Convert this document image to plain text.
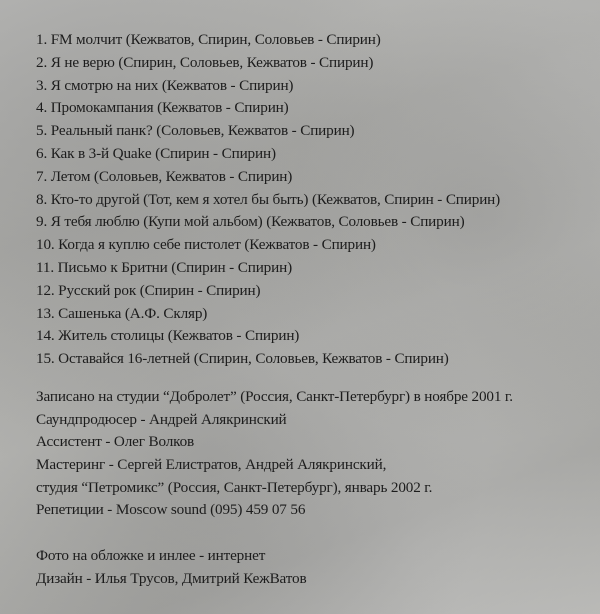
1. FM молчит (Кежватов, Спирин, Соловьев - Спирин)
2. Я не верю (Спирин, Соловьев, Кежватов - Спирин)
3. Я смотрю на них (Кежватов - Спирин)
4. Промокампания (Кежватов - Спирин)
5. Реальный панк? (Соловьев, Кежватов - Спирин)
6. Как в 3-й Quake (Спирин - Спирин)
7. Летом (Соловьев, Кежватов - Спирин)
8. Кто-то другой (Тот, кем я хотел бы быть) (Кежватов, Спирин - Спирин)
9. Я тебя люблю (Купи мой альбом) (Кежватов, Соловьев - Спирин)
10. Когда я куплю себе пистолет (Кежватов - Спирин)
11. Письмо к Бритни (Спирин - Спирин)
12. Русский рок (Спирин - Спирин)
13. Сашенька (А.Ф. Скляр)
14. Житель столицы (Кежватов - Спирин)
15. Оставайся 16-летней (Спирин, Соловьев, Кежватов - Спирин)
Записано на студии “Добролет” (Россия, Санкт-Петербург) в ноябре 2001 г.
Саундпродюсер - Андрей Алякринский
Ассистент - Олег Волков
Мастеринг - Сергей Елистратов, Андрей Алякринский,
студия “Петромикс” (Россия, Санкт-Петербург), январь 2002 г.
Репетиции - Moscow sound (095) 459 07 56
Фото на обложке и инлее - интернет
Дизайн - Илья Трусов, Дмитрий КежВатов
